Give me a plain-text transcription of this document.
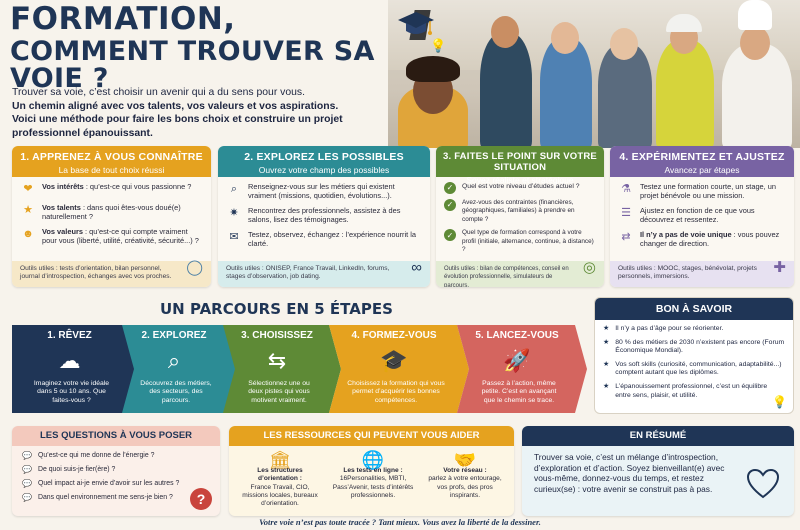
FORMATION,
COMMENT TROUVER SA VOIE ?

Trouver sa voie, c’est choisir un avenir qui a du sens pour vous.

Un chemin aligné avec vos talents, vos valeurs et vos aspirations.

Voici une méthode pour faire les bons choix et construire un projet

professionnel épanouissant.

💡
1. APPRENEZ À VOUS CONNAÎTRE
La base de tout choix réussi
❤	Vos intérêts : qu’est-ce qui vous passionne ?
★	Vos talents : dans quoi êtes-vous doué(e) naturellement ?
☻ Vos valeurs : qu’est-ce qui compte vraiment pour vous (liberté, utilité, créativité, sécurité...) ?
Outils utiles : tests d’orientation, bilan personnel, journal d’introspection, échanges avec vos proches.
◯
2. EXPLOREZ LES POSSIBLES
Ouvrez votre champ des possibles
⌕	Renseignez-vous sur les métiers qui existent vraiment (missions, quotidien, évolutions...).
✷	Rencontrez des professionnels, assistez à des salons, lisez des témoignages.
✉	Testez, observez, échangez : l’expérience nourrit la clarté.
Outils utiles : ONISEP, France Travail, LinkedIn, forums, stages d’observation, job dating.
∞
3. FAITES LE POINT SUR VOTRE SITUATION
Soyez réaliste et stratégique
✓	Quel est votre niveau d’études actuel ?
✓	Avez-vous des contraintes (financières, géographiques, familiales) à prendre en compte ?
✓	Quel type de formation correspond à votre profil (initiale, alternance, continue, à distance) ?
Outils utiles : bilan de compétences, conseil en évolution professionnelle, simulateurs de parcours.
◎
4. EXPÉRIMENTEZ ET AJUSTEZ
Avancez par étapes
⚗	Testez une formation courte, un stage, un projet bénévole ou une mission.
☰	Ajustez en fonction de ce que vous découvrez et ressentez.
⇄	Il n’y a pas de voie unique : vous pouvez changer de direction.
Outils utiles : MOOC, stages, bénévolat, projets personnels, immersions.
✚
UN PARCOURS EN 5 ÉTAPES
1. RÊVEZ
☁
Imaginez votre vie idéale dans 5 ou 10 ans. Que faites-vous ?
2. EXPLOREZ
⌕
Découvrez des métiers, des secteurs, des parcours.
3. CHOISISSEZ
⇆
Sélectionnez une ou deux pistes qui vous motivent vraiment.
4. FORMEZ-VOUS
🎓
Choisissez la formation qui vous permet d’acquérir les bonnes compétences.
5. LANCEZ-VOUS
🚀
Passez à l’action, même petite. C’est en avançant que le chemin se trace.
BON À SAVOIR
★ Il n’y a pas d’âge pour se réorienter.
★ 80 % des métiers de 2030 n’existent pas encore (Forum Économique Mondial).
★ Vos soft skills (curiosité, communication, adaptabilité...) comptent autant que les diplômes.
★ L’épanouissement professionnel, c’est un équilibre entre sens, plaisir, et utilité.	💡
LES QUESTIONS À VOUS POSER
💬 Qu’est-ce qui me donne de l’énergie ?
💬 De quoi suis-je fier(ère) ?
💬 Quel impact ai-je envie d’avoir sur les autres ?
💬 Dans quel environnement me sens-je bien ?	?
LES RESSOURCES QUI PEUVENT VOUS AIDER
🏛
Les structures d’orientation :
France Travail, CIO, missions locales, bureaux d’orientation.
🌐
Les tests en ligne :
16Personalities, MBTI, Pass’Avenir, tests d’intérêts professionnels.
🤝
Votre réseau :
parlez à votre entourage, vos profs, des pros inspirants.
EN RÉSUMÉ
Trouver sa voie, c’est un mélange d’introspection, d’exploration et d’action. Soyez bienveillant(e) avec vous-même, donnez-vous du temps, et restez curieux(se) : votre avenir se construit pas à pas.
Votre voie n’est pas toute tracée ? Tant mieux. Vous avez la liberté de la dessiner.
